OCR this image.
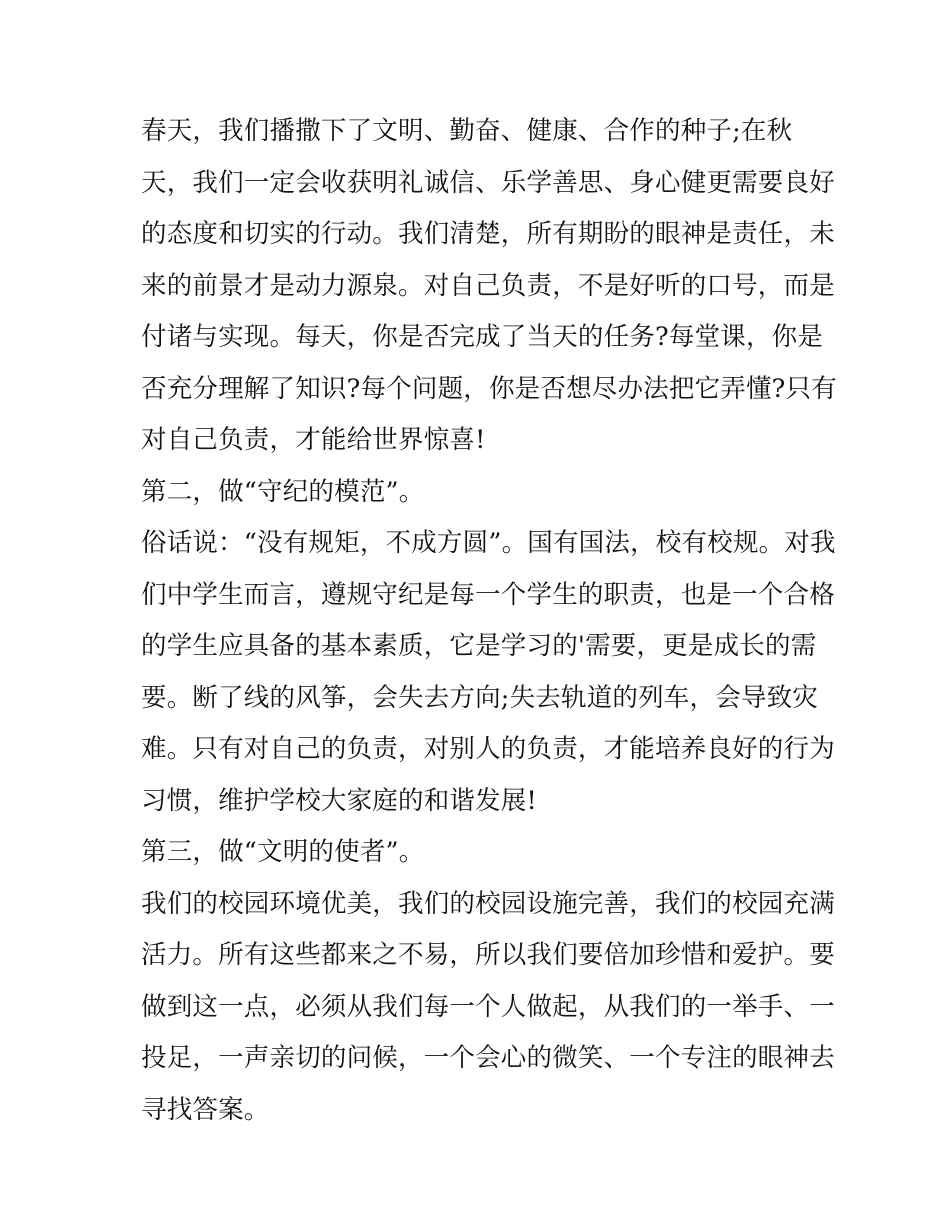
春天，我们播撒下了文明、勤奋、健康、合作的种子;在秋
天，我们一定会收获明礼诚信、乐学善思、身心健更需要良好
的态度和切实的行动。我们清楚，所有期盼的眼神是责任，未
来的前景才是动力源泉。对自己负责，不是好听的口号，而是
付诸与实现。每天，你是否完成了当天的任务?每堂课，你是
否充分理解了知识?每个问题，你是否想尽办法把它弄懂?只有
对自己负责，才能给世界惊喜!
第二，做“守纪的模范”。
俗话说：“没有规矩，不成方圆”。国有国法，校有校规。对我
们中学生而言，遵规守纪是每一个学生的职责，也是一个合格
的学生应具备的基本素质，它是学习的'需要，更是成长的需
要。断了线的风筝，会失去方向;失去轨道的列车，会导致灾
难。只有对自己的负责，对别人的负责，才能培养良好的行为
习惯，维护学校大家庭的和谐发展!
第三，做“文明的使者”。
我们的校园环境优美，我们的校园设施完善，我们的校园充满
活力。所有这些都来之不易，所以我们要倍加珍惜和爱护。要
做到这一点，必须从我们每一个人做起，从我们的一举手、一
投足，一声亲切的问候，一个会心的微笑、一个专注的眼神去
寻找答案。
